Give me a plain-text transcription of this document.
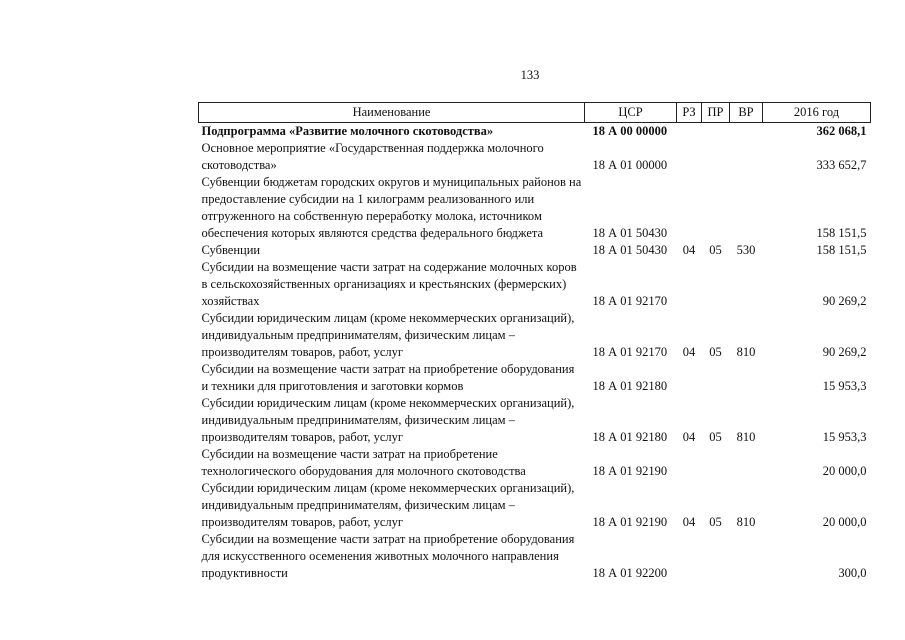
133
Наименование	ЦСР	РЗ	ПР	ВР	2016 год
Подпрограмма «Развитие молочного скотоводства»	18 А 00 00000				362 068,1
Основное мероприятие «Государственная поддержка молочного скотоводства»	18 А 01 00000				333 652,7
Субвенции бюджетам городских округов и муниципальных районов на предоставление субсидии на 1 килограмм реализованного или отгруженного на собственную переработку молока, источником обеспечения которых являются средства федерального бюджета	18 А 01 50430				158 151,5
Субвенции	18 А 01 50430	04	05	530	158 151,5
Субсидии на возмещение части затрат на содержание молочных коров в сельскохозяйственных организациях и крестьянских (фермерских) хозяйствах	18 А 01 92170				90 269,2
Субсидии юридическим лицам (кроме некоммерческих организаций), индивидуальным предпринимателям, физическим лицам – производителям товаров, работ, услуг	18 А 01 92170	04	05	810	90 269,2
Субсидии на возмещение части затрат на приобретение оборудования и техники для приготовления и заготовки кормов	18 А 01 92180				15 953,3
Субсидии юридическим лицам (кроме некоммерческих организаций), индивидуальным предпринимателям, физическим лицам – производителям товаров, работ, услуг	18 А 01 92180	04	05	810	15 953,3
Субсидии на возмещение части затрат на приобретение технологического оборудования для молочного скотоводства	18 А 01 92190				20 000,0
Субсидии юридическим лицам (кроме некоммерческих организаций), индивидуальным предпринимателям, физическим лицам – производителям товаров, работ, услуг	18 А 01 92190	04	05	810	20 000,0
Субсидии на возмещение части затрат на приобретение оборудования для искусственного осеменения животных молочного направления продуктивности	18 А 01 92200				300,0
